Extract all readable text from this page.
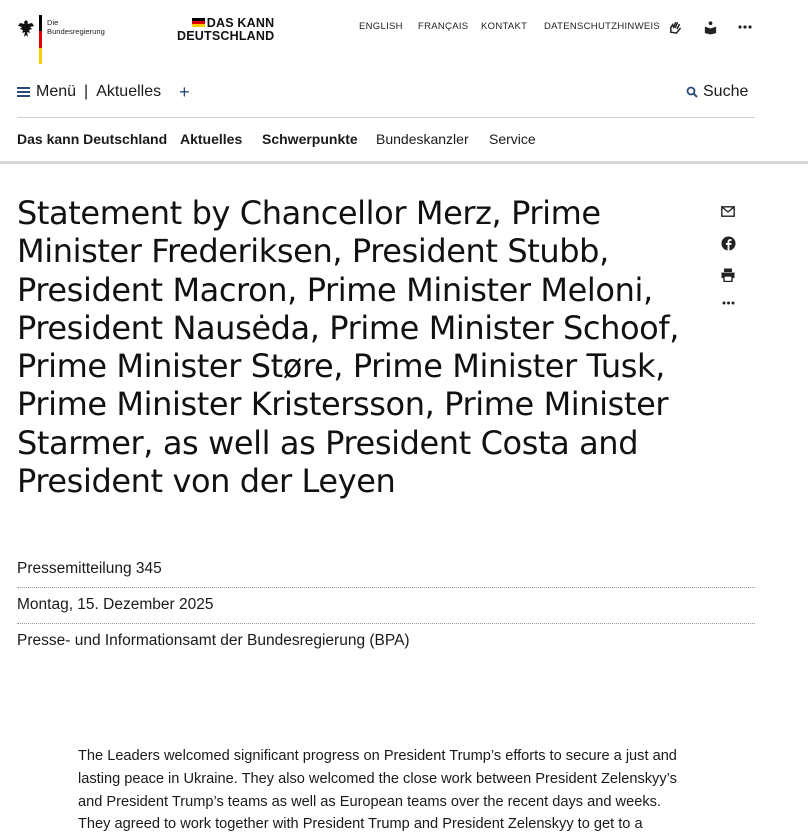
Die
Bundesregierung
DAS KANN
DEUTSCHLAND
ENGLISH FRANÇAIS KONTAKT DATENSCHUTZHINWEIS
Menü | Aktuelles +	Suche
Das kann Deutschland Aktuelles Schwerpunkte Bundeskanzler Service
Statement by Chancellor Merz, Prime
Minister Frederiksen, President Stubb,
President Macron, Prime Minister Meloni,
President Nausėda, Prime Minister Schoof,
Prime Minister Støre, Prime Minister Tusk,
Prime Minister Kristersson, Prime Minister
Starmer, as well as President Costa and
President von der Leyen
Pressemitteilung 345
Montag, 15. Dezember 2025
Presse- und Informationsamt der Bundesregierung (BPA)
The Leaders welcomed significant progress on President Trump’s efforts to secure a just and
lasting peace in Ukraine. They also welcomed the close work between President Zelenskyy’s
and President Trump’s teams as well as European teams over the recent days and weeks.
They agreed to work together with President Trump and President Zelenskyy to get to a
